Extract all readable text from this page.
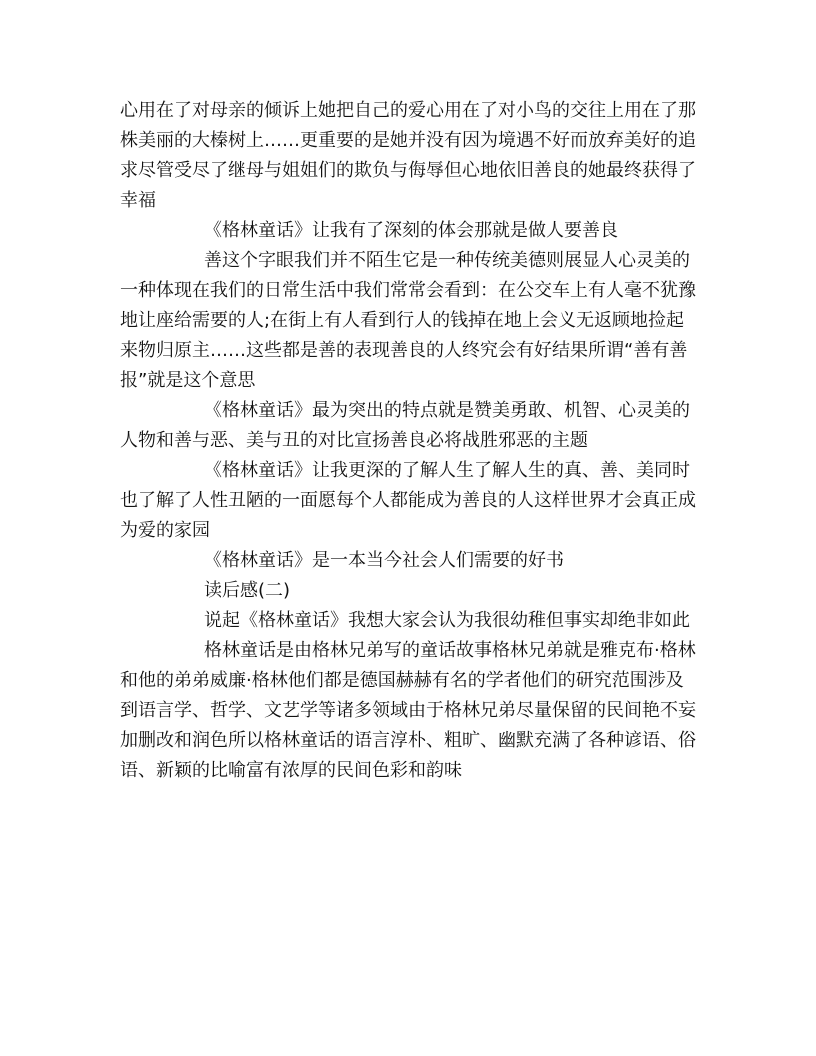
心用在了对母亲的倾诉上她把自己的爱心用在了对小鸟的交往上用在了那株美丽的大榛树上……更重要的是她并没有因为境遇不好而放弃美好的追求尽管受尽了继母与姐姐们的欺负与侮辱但心地依旧善良的她最终获得了幸福

《格林童话》让我有了深刻的体会那就是做人要善良

善这个字眼我们并不陌生它是一种传统美德则展显人心灵美的一种体现在我们的日常生活中我们常常会看到：在公交车上有人毫不犹豫地让座给需要的人;在街上有人看到行人的钱掉在地上会义无返顾地捡起来物归原主……这些都是善的表现善良的人终究会有好结果所谓“善有善报”就是这个意思

《格林童话》最为突出的特点就是赞美勇敢、机智、心灵美的人物和善与恶、美与丑的对比宣扬善良必将战胜邪恶的主题

《格林童话》让我更深的了解人生了解人生的真、善、美同时也了解了人性丑陋的一面愿每个人都能成为善良的人这样世界才会真正成为爱的家园

《格林童话》是一本当今社会人们需要的好书

读后感(二)

说起《格林童话》我想大家会认为我很幼稚但事实却绝非如此

格林童话是由格林兄弟写的童话故事格林兄弟就是雅克布·格林和他的弟弟威廉·格林他们都是德国赫赫有名的学者他们的研究范围涉及到语言学、哲学、文艺学等诸多领域由于格林兄弟尽量保留的民间艳不妄加删改和润色所以格林童话的语言淳朴、粗旷、幽默充满了各种谚语、俗语、新颖的比喻富有浓厚的民间色彩和韵味
